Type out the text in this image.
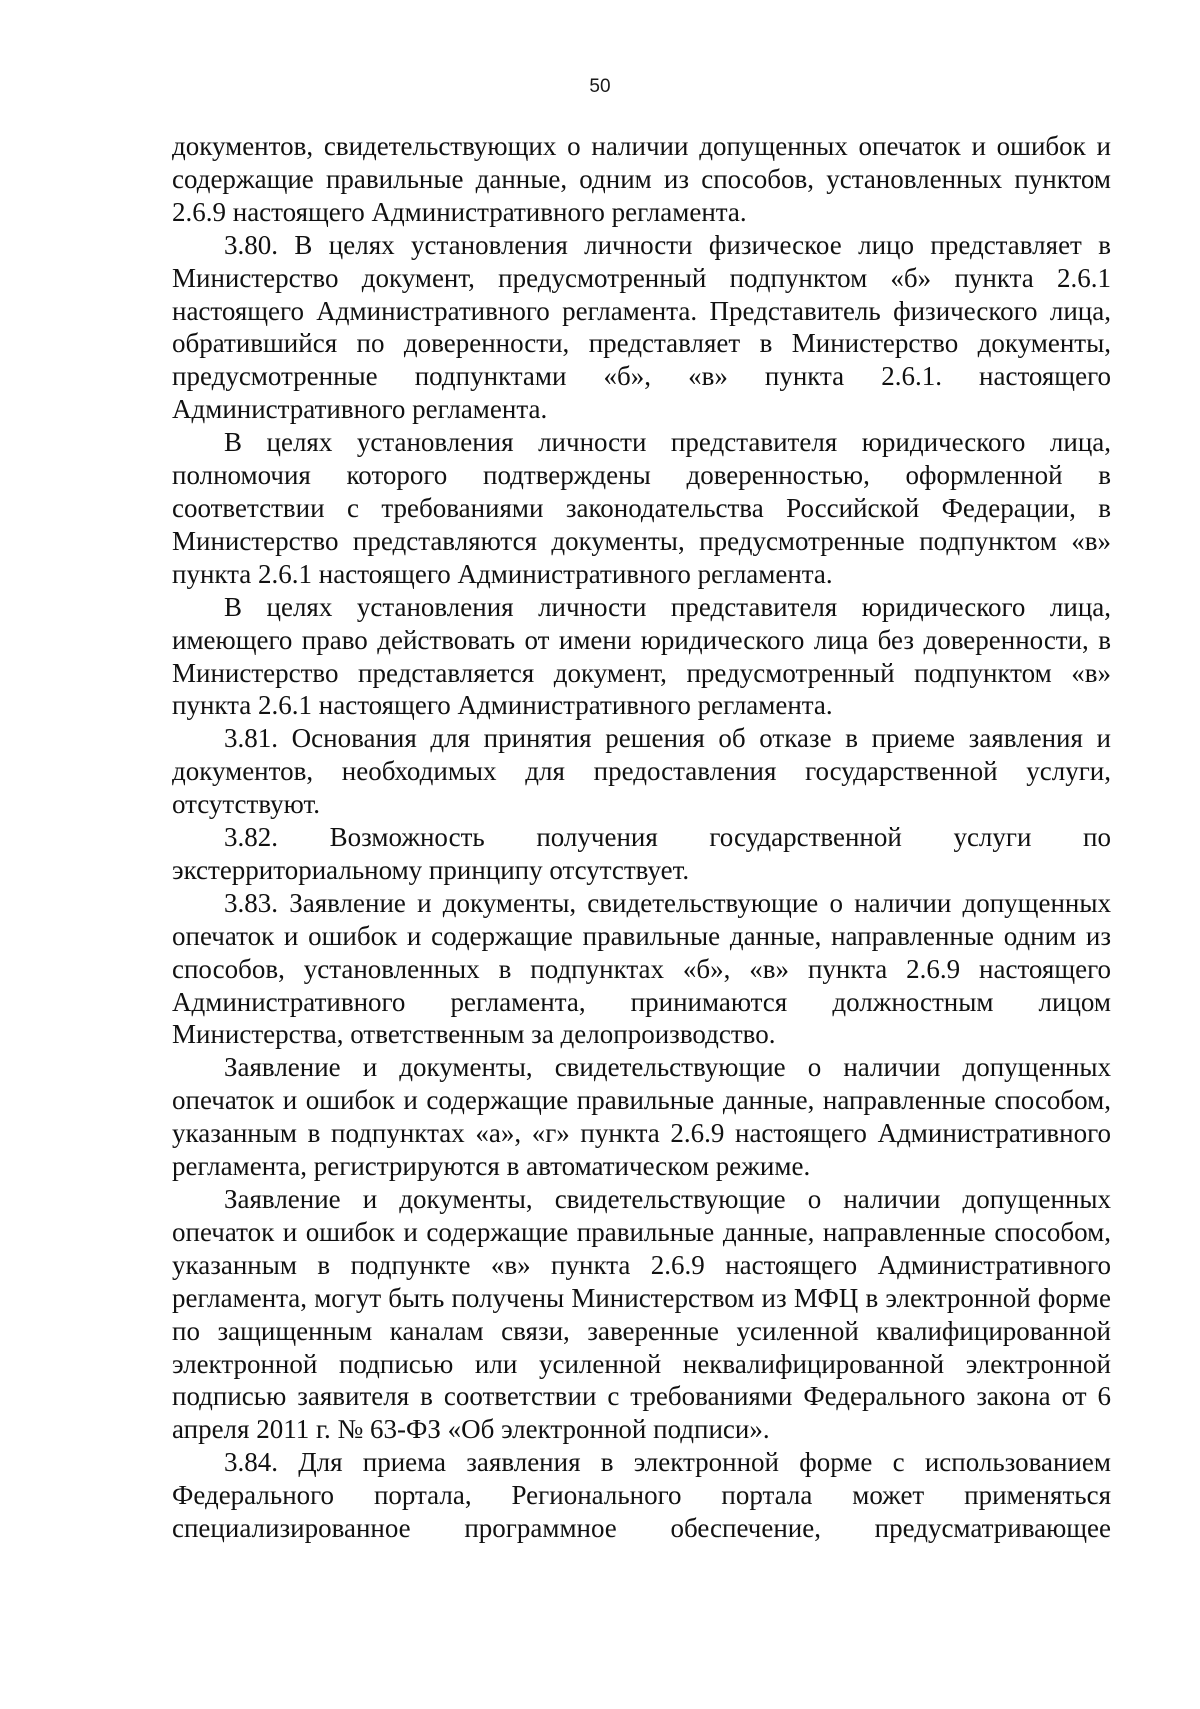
50

документов, свидетельствующих о наличии допущенных опечаток и ошибок и содержащие правильные данные, одним из способов, установленных пунктом 2.6.9 настоящего Административного регламента.

3.80. В целях установления личности физическое лицо представляет в Министерство документ, предусмотренный подпунктом «б» пункта 2.6.1 настоящего Административного регламента. Представитель физического лица, обратившийся по доверенности, представляет в Министерство документы, предусмотренные подпунктами «б», «в» пункта 2.6.1. настоящего Административного регламента.

В целях установления личности представителя юридического лица, полномочия которого подтверждены доверенностью, оформленной в соответствии с требованиями законодательства Российской Федерации, в Министерство представляются документы, предусмотренные подпунктом «в» пункта 2.6.1 настоящего Административного регламента.

В целях установления личности представителя юридического лица, имеющего право действовать от имени юридического лица без доверенности, в Министерство представляется документ, предусмотренный подпунктом «в» пункта 2.6.1 настоящего Административного регламента.

3.81. Основания для принятия решения об отказе в приеме заявления и документов, необходимых для предоставления государственной услуги, отсутствуют.

3.82. Возможность получения государственной услуги по экстерриториальному принципу отсутствует.

3.83. Заявление и документы, свидетельствующие о наличии допущенных опечаток и ошибок и содержащие правильные данные, направленные одним из способов, установленных в подпунктах «б», «в» пункта 2.6.9 настоящего Административного регламента, принимаются должностным лицом Министерства, ответственным за делопроизводство.

Заявление и документы, свидетельствующие о наличии допущенных опечаток и ошибок и содержащие правильные данные, направленные способом, указанным в подпунктах «а», «г» пункта 2.6.9 настоящего Административного регламента, регистрируются в автоматическом режиме.

Заявление и документы, свидетельствующие о наличии допущенных опечаток и ошибок и содержащие правильные данные, направленные способом, указанным в подпункте «в» пункта 2.6.9 настоящего Административного регламента, могут быть получены Министерством из МФЦ в электронной форме по защищенным каналам связи, заверенные усиленной квалифицированной электронной подписью или усиленной неквалифицированной электронной подписью заявителя в соответствии с требованиями Федерального закона от 6 апреля 2011 г. № 63-ФЗ «Об электронной подписи».

3.84. Для приема заявления в электронной форме с использованием Федерального портала, Регионального портала может применяться специализированное программное обеспечение, предусматривающее
